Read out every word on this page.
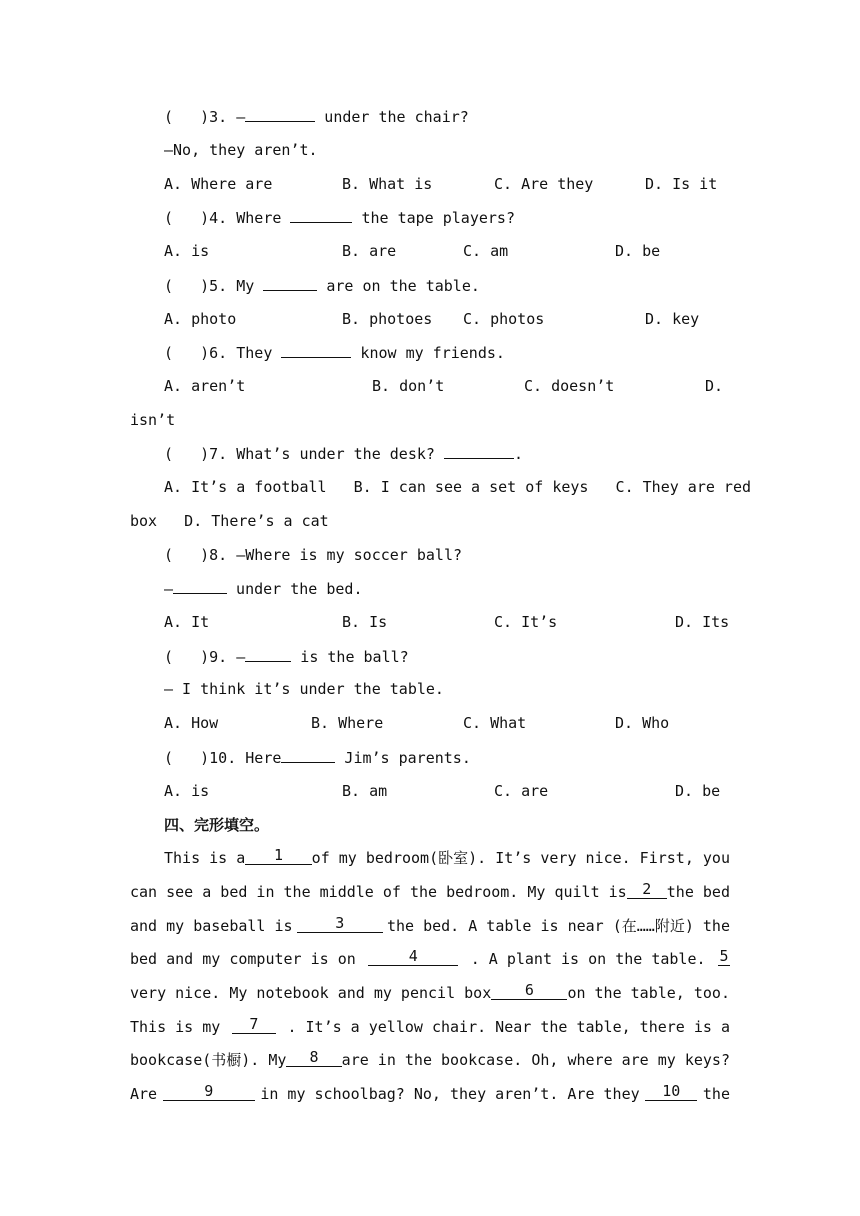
(   )3. —	under the chair?
—No, they aren’t.

A. Where are

	B. What is

	C. Are they

	D. Is it

(   )4. Where	the tape players?

A. is

	B. are

	C. am

	D. be

(   )5. My	are on the table.

A. photo

	B. photoes

C. photos

	D. key

(   )6. They	know my friends.

A. aren’t

	B. don’t

	C. doesn’t

	D.

isn’t
(   )7. What’s under the desk?	.
A. It’s a football   B. I can see a set of keys   C. They are red
box   D. There’s a cat
(   )8. —Where is my soccer ball?
—	under the bed.

A. It

	B. Is

	C. It’s

	D. Its

(   )9. —	is the ball?
— I think it’s under the table.

A. How

	B. Where

	C. What

	D. Who

(   )10. Here	Jim’s parents.

A. is

	B. am

	C. are

	D. be

四、完形填空。
This is a	1	of my bedroom(卧室). It’s very nice. First, you
can see a bed in the middle of the bedroom. My quilt is	2	the bed
and my baseball is	3	the bed. A table is near (在……附近) the
bed and my computer is on	4	. A plant is on the table. 5
very nice. My notebook and my pencil box	6	on the table, too.
This is my	7	. It’s a yellow chair. Near the table, there is a
bookcase(书橱). My	8	are in the bookcase. Oh, where are my keys?
Are	9	in my schoolbag? No, they aren’t. Are they	10	the
